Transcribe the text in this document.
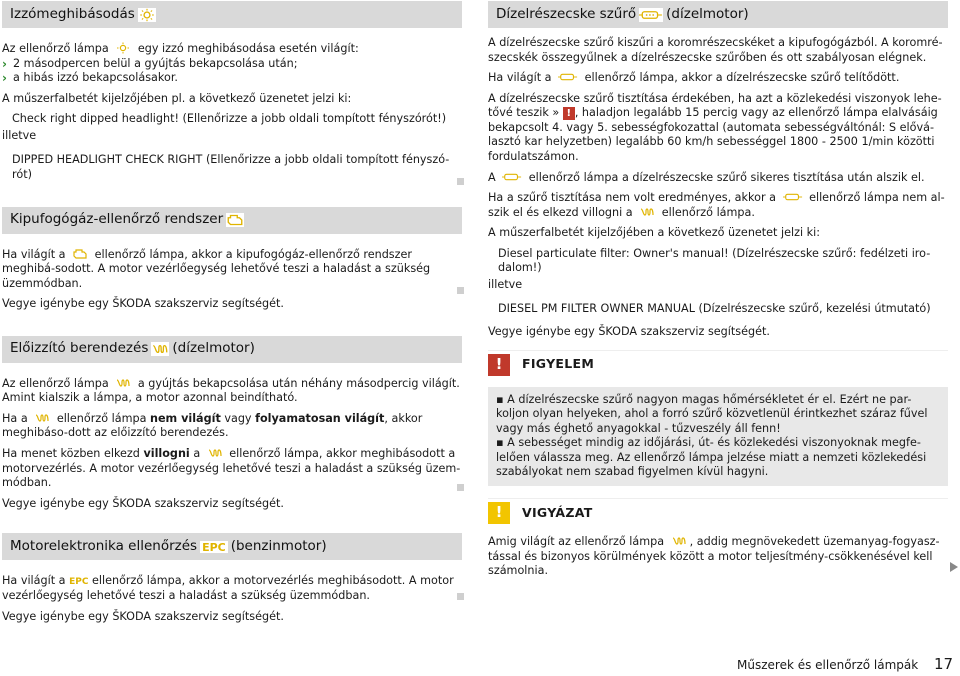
Izzómeghibásodás

Az ellenőrző lámpa	egy izzó meghibásodása esetén világít:

› 2 másodpercen belül a gyújtás bekapcsolása után;
› a hibás izzó bekapcsolásakor.

A műszerfalbetét kijelzőjében pl. a következő üzenetet jelzi ki:

Check right dipped headlight! (Ellenőrizze a jobb oldali tompított fényszórót!)

illetve

DIPPED HEADLIGHT CHECK RIGHT (Ellenőrizze a jobb oldali tompított fényszó-rót)

Kipufogógáz-ellenőrző rendszer

Ha világít a	ellenőrző lámpa, akkor a kipufogógáz-ellenőrző rendszer meghibá-sodott. A motor vezérlőegység lehetővé teszi a haladást a szükség üzemmódban.

Vegye igénybe egy ŠKODA szakszerviz segítségét.

Előizzító berendezés (dízelmotor)

Az ellenőrző lámpa	a gyújtás bekapcsolása után néhány másodpercig világít. Amint kialszik a lámpa, a motor azonnal beindítható.

Ha a	ellenőrző lámpa nem világít vagy folyamatosan világít, akkor meghibáso-dott az előizzító berendezés.

Ha menet közben elkezd villogni a	ellenőrző lámpa, akkor meghibásodott a motorvezérlés. A motor vezérlőegység lehetővé teszi a haladást a szükség üzem-módban.

Vegye igénybe egy ŠKODA szakszerviz segítségét.

Motorelektronika ellenőrzés EPC (benzinmotor)

Ha világít a EPC ellenőrző lámpa, akkor a motorvezérlés meghibásodott. A motor vezérlőegység lehetővé teszi a haladást a szükség üzemmódban.

Vegye igénybe egy ŠKODA szakszerviz segítségét.

Dízelrészecske szűrő (dízelmotor)

A dízelrészecske szűrő kiszűri a koromrészecskéket a kipufogógázból. A koromré-szecskék összegyűlnek a dízelrészecske szűrőben és ott szabályosan elégnek.

Ha világít a	ellenőrző lámpa, akkor a dízelrészecske szűrő telítődött.

A dízelrészecske szűrő tisztítása érdekében, ha azt a közlekedési viszonyok lehe-tővé teszik » ! , haladjon legalább 15 percig vagy az ellenőrző lámpa elalvásáig bekapcsolt 4. vagy 5. sebességfokozattal (automata sebességváltónál: S elővá-lasztó kar helyzetben) legalább 60 km/h sebességgel 1800 - 2500 1/min közötti fordulatszámon.

A	ellenőrző lámpa a dízelrészecske szűrő sikeres tisztítása után alszik el.

Ha a szűrő tisztítása nem volt eredményes, akkor a	ellenőrző lámpa nem al-szik el és elkezd villogni a	ellenőrző lámpa.

A műszerfalbetét kijelzőjében a következő üzenetet jelzi ki:

Diesel particulate filter: Owner's manual! (Dízelrészecske szűrő: fedélzeti iro-dalom!)

illetve

DIESEL PM FILTER OWNER MANUAL (Dízelrészecske szűrő, kezelési útmutató)

Vegye igénybe egy ŠKODA szakszerviz segítségét.

!	FIGYELEM

▪ A dízelrészecske szűrő nagyon magas hőmérsékletet ér el. Ezért ne par-koljon olyan helyeken, ahol a forró szűrő közvetlenül érintkezhet száraz fűvel vagy más éghető anyagokkal - tűzveszély áll fenn!

▪ A sebességet mindig az időjárási, út- és közlekedési viszonyoknak megfe-lelően válassza meg. Az ellenőrző lámpa jelzése miatt a nemzeti közlekedési szabályokat nem szabad figyelmen kívül hagyni.

!	VIGYÁZAT

Amig világít az ellenőrző lámpa , addig megnövekedett üzemanyag-fogyasz-tással és bizonyos körülmények között a motor teljesítmény-csökkenésével kell számolnia.

Műszerek és ellenőrző lámpák 17
